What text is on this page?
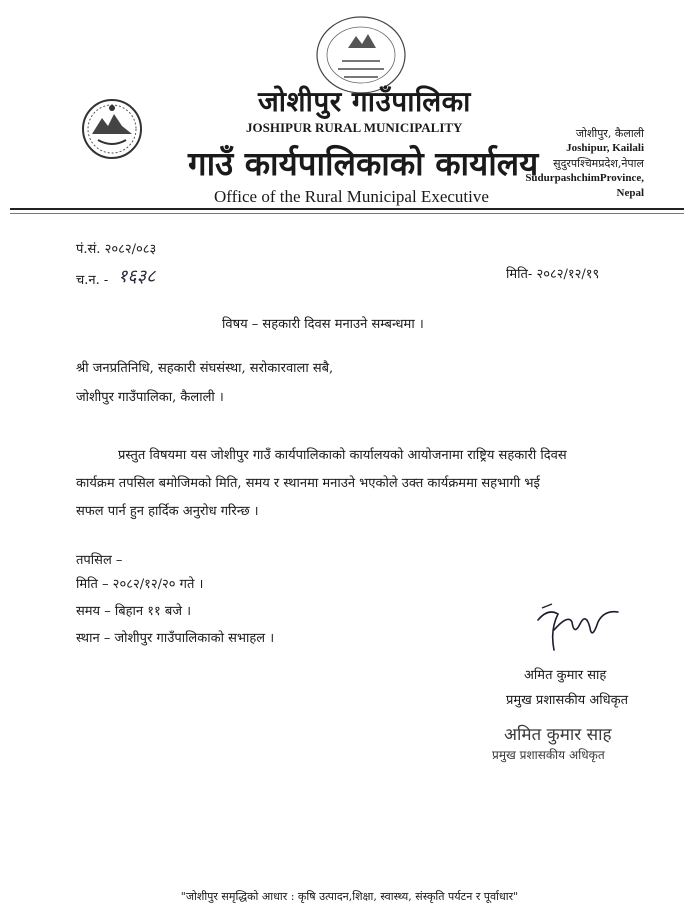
जोशीपुर गाउँपालिका
JOSHIPUR RURAL MUNICIPALITY
गाउँ कार्यपालिकाको कार्यालय
Office of the Rural Municipal Executive
जोशीपुर, कैलाली
Joshipur, Kailali
सुदुरपश्चिमप्रदेश,नेपाल
SudurpashchimProvince,
Nepal
पं.सं. २०८२/०८३
च.न. - १६३८	मिति- २०८२/१२/१९
विषय – सहकारी दिवस मनाउने सम्बन्धमा ।
श्री जनप्रतिनिधि, सहकारी संघसंस्था, सरोकारवाला सबै,
जोशीपुर गाउँपालिका, कैलाली ।
प्रस्तुत विषयमा यस जोशीपुर गाउँ कार्यपालिकाको कार्यालयको आयोजनामा राष्ट्रिय सहकारी दिवस
कार्यक्रम तपसिल बमोजिमको मिति, समय र स्थानमा मनाउने भएकोले उक्त कार्यक्रममा सहभागी भई
सफल पार्न हुन हार्दिक अनुरोध गरिन्छ ।
तपसिल –
मिति – २०८२/१२/२० गते ।
समय – बिहान ११ बजे ।
स्थान – जोशीपुर गाउँपालिकाको सभाहल ।
अमित कुमार साह
प्रमुख प्रशासकीय अधिकृत
अमित कुमार साह
प्रमुख प्रशासकीय अधिकृत
"जोशीपुर समृद्धिको आधार : कृषि उत्पादन,शिक्षा, स्वास्थ्य, संस्कृति पर्यटन र पूर्वाधार"
